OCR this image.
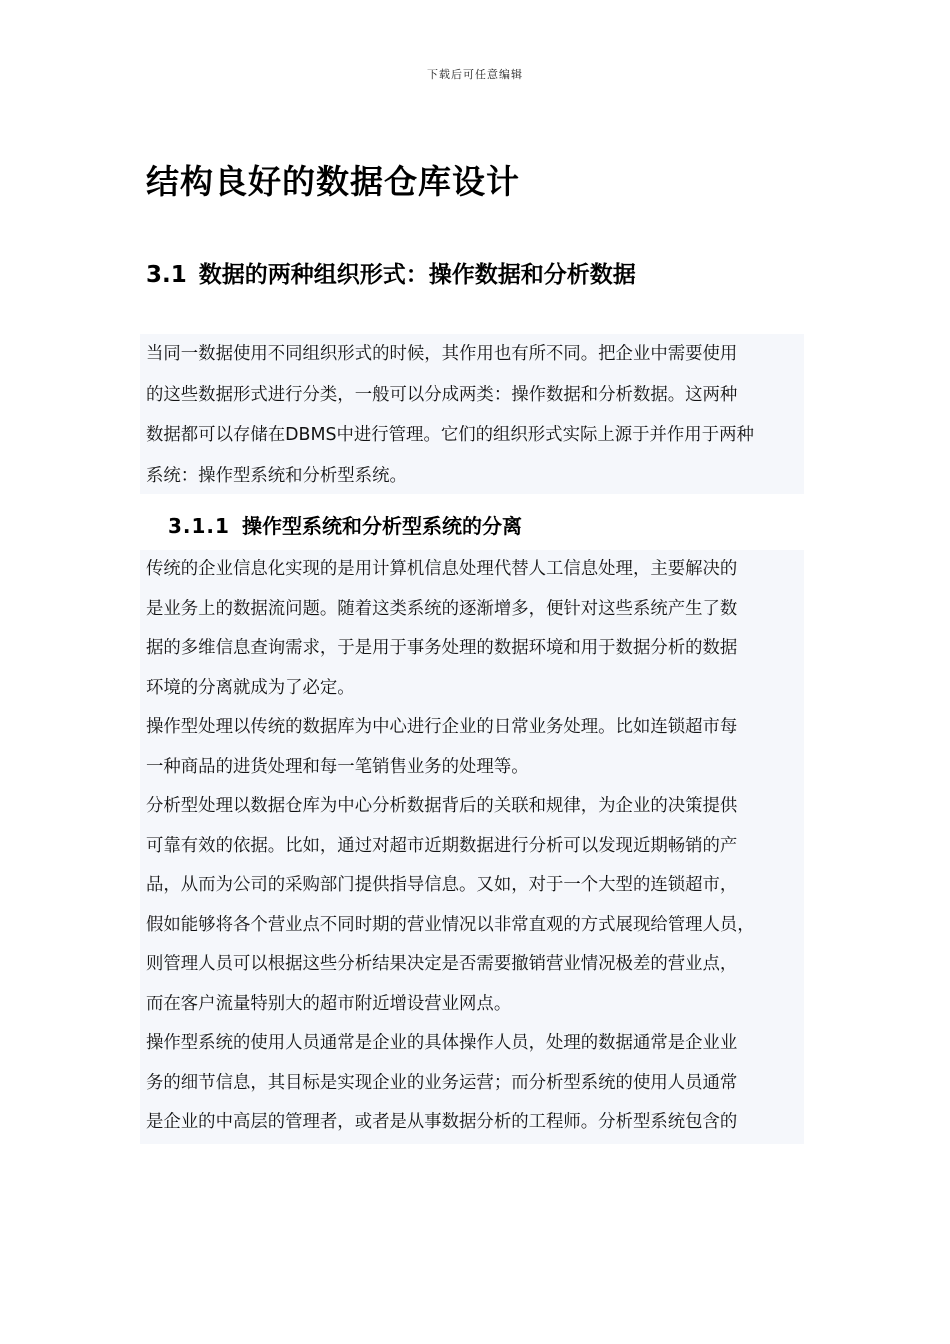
下载后可任意编辑
结构良好的数据仓库设计
3.1 数据的两种组织形式：操作数据和分析数据

当同一数据使用不同组织形式的时候，其作用也有所不同。把企业中需要使用
的这些数据形式进行分类，一般可以分成两类：操作数据和分析数据。这两种
数据都可以存储在DBMS中进行管理。它们的组织形式实际上源于并作用于两种
系统：操作型系统和分析型系统。

3.1.1 操作型系统和分析型系统的分离

传统的企业信息化实现的是用计算机信息处理代替人工信息处理，主要解决的
是业务上的数据流问题。随着这类系统的逐渐增多，便针对这些系统产生了数
据的多维信息查询需求，于是用于事务处理的数据环境和用于数据分析的数据
环境的分离就成为了必定。

操作型处理以传统的数据库为中心进行企业的日常业务处理。比如连锁超市每
一种商品的进货处理和每一笔销售业务的处理等。

分析型处理以数据仓库为中心分析数据背后的关联和规律，为企业的决策提供
可靠有效的依据。比如，通过对超市近期数据进行分析可以发现近期畅销的产
品，从而为公司的采购部门提供指导信息。又如，对于一个大型的连锁超市，
假如能够将各个营业点不同时期的营业情况以非常直观的方式展现给管理人员，
则管理人员可以根据这些分析结果决定是否需要撤销营业情况极差的营业点，
而在客户流量特别大的超市附近增设营业网点。

操作型系统的使用人员通常是企业的具体操作人员，处理的数据通常是企业业
务的细节信息，其目标是实现企业的业务运营；而分析型系统的使用人员通常
是企业的中高层的管理者，或者是从事数据分析的工程师。分析型系统包含的
